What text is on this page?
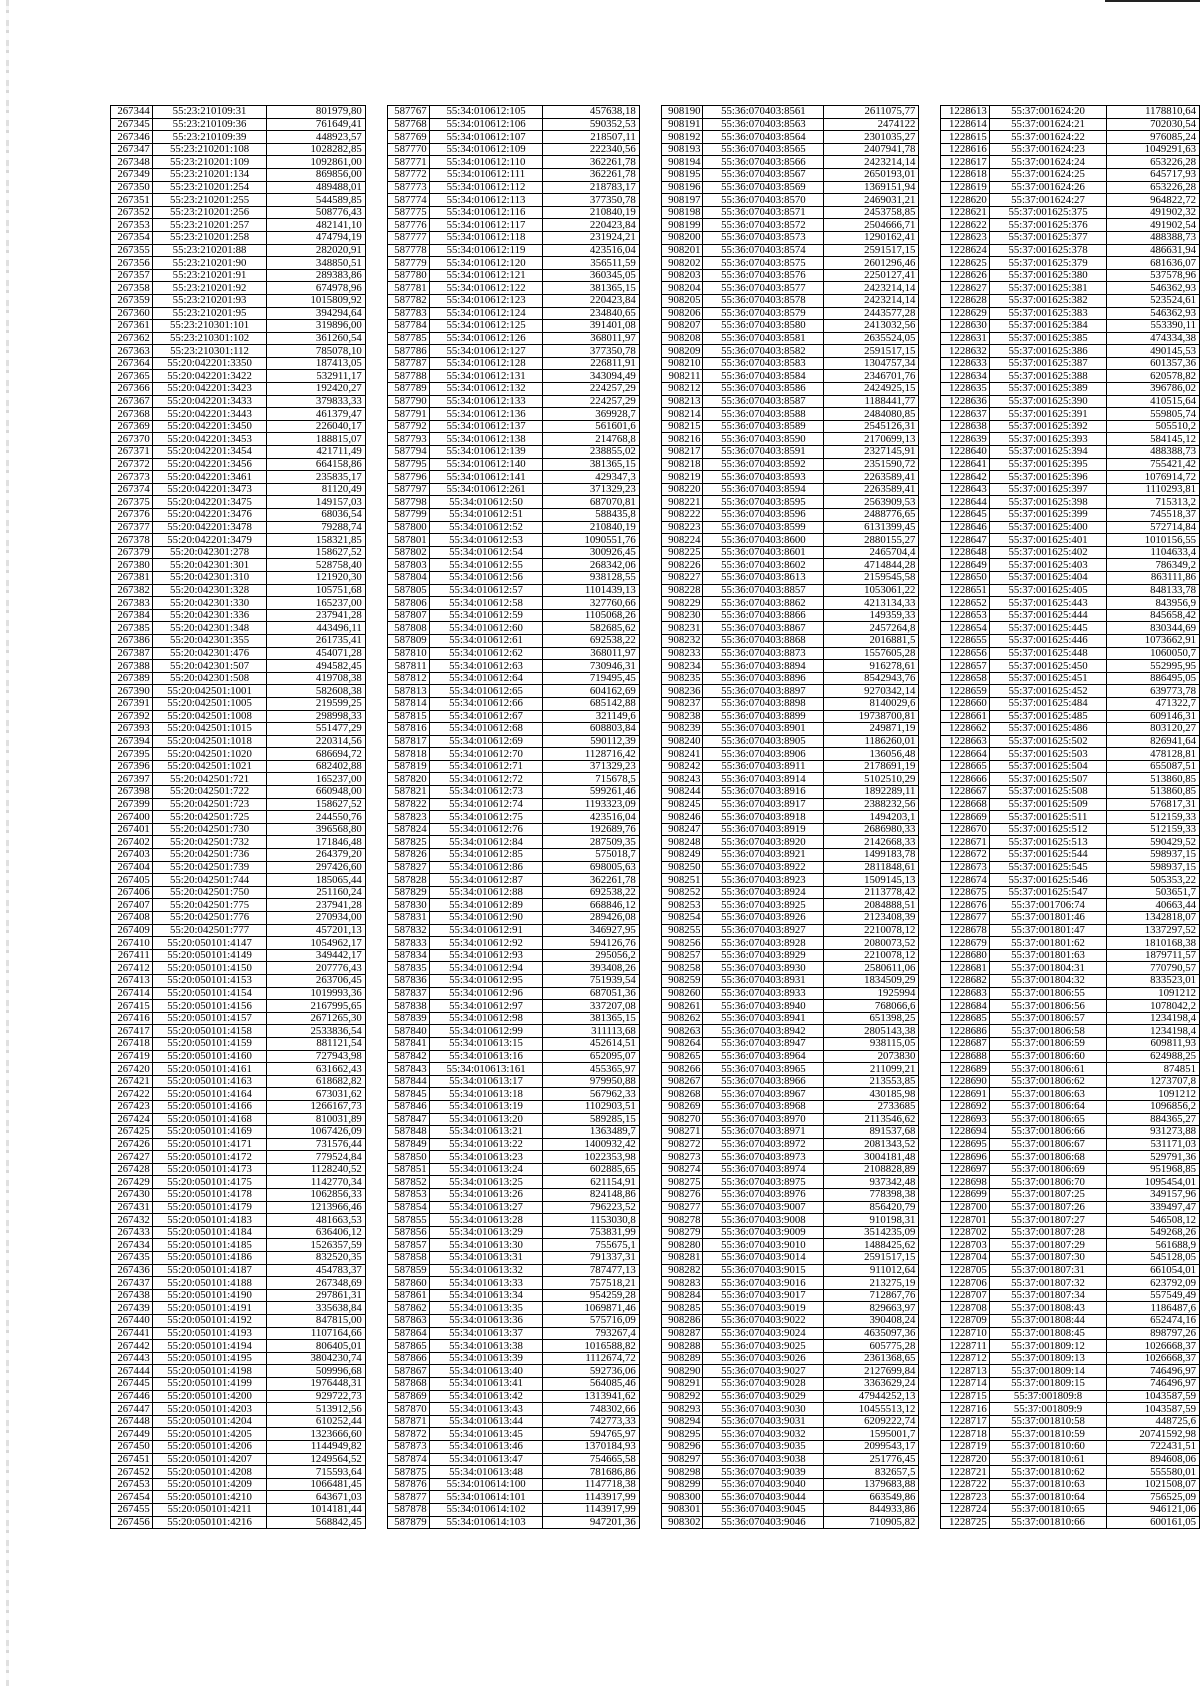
267344	55:23:210109:31	801979,80
267345	55:23:210109:36	761649,41
267346	55:23:210109:39	448923,57
267347	55:23:210201:108	1028282,85
267348	55:23:210201:109	1092861,00
267349	55:23:210201:134	869856,00
267350	55:23:210201:254	489488,01
267351	55:23:210201:255	544589,85
267352	55:23:210201:256	508776,43
267353	55:23:210201:257	482141,10
267354	55:23:210201:258	474794,19
267355	55:23:210201:88	282020,91
267356	55:23:210201:90	348850,51
267357	55:23:210201:91	289383,86
267358	55:23:210201:92	674978,96
267359	55:23:210201:93	1015809,92
267360	55:23:210201:95	394294,64
267361	55:23:210301:101	319896,00
267362	55:23:210301:102	361260,54
267363	55:23:210301:112	785078,10
267364	55:20:042201:3350	187413,05
267365	55:20:042201:3422	532911,17
267366	55:20:042201:3423	192420,27
267367	55:20:042201:3433	379833,33
267368	55:20:042201:3443	461379,47
267369	55:20:042201:3450	226040,17
267370	55:20:042201:3453	188815,07
267371	55:20:042201:3454	421711,49
267372	55:20:042201:3456	664158,86
267373	55:20:042201:3461	235835,17
267374	55:20:042201:3473	81120,49
267375	55:20:042201:3475	149157,03
267376	55:20:042201:3476	68036,54
267377	55:20:042201:3478	79288,74
267378	55:20:042201:3479	158321,85
267379	55:20:042301:278	158627,52
267380	55:20:042301:301	528758,40
267381	55:20:042301:310	121920,30
267382	55:20:042301:328	105751,68
267383	55:20:042301:330	165237,00
267384	55:20:042301:336	237941,28
267385	55:20:042301:348	443496,11
267386	55:20:042301:355	261735,41
267387	55:20:042301:476	454071,28
267388	55:20:042301:507	494582,45
267389	55:20:042301:508	419708,38
267390	55:20:042501:1001	582608,38
267391	55:20:042501:1005	219599,25
267392	55:20:042501:1008	298998,33
267393	55:20:042501:1015	551477,29
267394	55:20:042501:1018	220314,56
267395	55:20:042501:1020	686694,72
267396	55:20:042501:1021	682402,88
267397	55:20:042501:721	165237,00
267398	55:20:042501:722	660948,00
267399	55:20:042501:723	158627,52
267400	55:20:042501:725	244550,76
267401	55:20:042501:730	396568,80
267402	55:20:042501:732	171846,48
267403	55:20:042501:736	264379,20
267404	55:20:042501:739	297426,60
267405	55:20:042501:744	185065,44
267406	55:20:042501:750	251160,24
267407	55:20:042501:775	237941,28
267408	55:20:042501:776	270934,00
267409	55:20:042501:777	457201,13
267410	55:20:050101:4147	1054962,17
267411	55:20:050101:4149	349442,17
267412	55:20:050101:4150	207776,43
267413	55:20:050101:4153	263706,45
267414	55:20:050101:4154	1019993,36
267415	55:20:050101:4156	2167995,65
267416	55:20:050101:4157	2671265,30
267417	55:20:050101:4158	2533836,54
267418	55:20:050101:4159	881121,54
267419	55:20:050101:4160	727943,98
267420	55:20:050101:4161	631662,43
267421	55:20:050101:4163	618682,82
267422	55:20:050101:4164	673031,62
267423	55:20:050101:4166	1266167,73
267424	55:20:050101:4168	810031,89
267425	55:20:050101:4169	1067426,09
267426	55:20:050101:4171	731576,44
267427	55:20:050101:4172	779524,84
267428	55:20:050101:4173	1128240,52
267429	55:20:050101:4175	1142770,34
267430	55:20:050101:4178	1062856,33
267431	55:20:050101:4179	1213966,46
267432	55:20:050101:4183	481663,53
267433	55:20:050101:4184	636406,12
267434	55:20:050101:4185	1526357,59
267435	55:20:050101:4186	832520,35
267436	55:20:050101:4187	454783,37
267437	55:20:050101:4188	267348,69
267438	55:20:050101:4190	297861,31
267439	55:20:050101:4191	335638,84
267440	55:20:050101:4192	847815,00
267441	55:20:050101:4193	1107164,66
267442	55:20:050101:4194	806405,01
267443	55:20:050101:4195	3804230,74
267444	55:20:050101:4198	509996,68
267445	55:20:050101:4199	1976448,31
267446	55:20:050101:4200	929722,73
267447	55:20:050101:4203	513912,56
267448	55:20:050101:4204	610252,44
267449	55:20:050101:4205	1323666,60
267450	55:20:050101:4206	1144949,82
267451	55:20:050101:4207	1249564,52
267452	55:20:050101:4208	715593,64
267453	55:20:050101:4209	1066481,45
267454	55:20:050101:4210	643671,03
267455	55:20:050101:4211	1014181,44
267456	55:20:050101:4216	568842,45
587767	55:34:010612:105	457638,18
587768	55:34:010612:106	590352,53
587769	55:34:010612:107	218507,11
587770	55:34:010612:109	222340,56
587771	55:34:010612:110	362261,78
587772	55:34:010612:111	362261,78
587773	55:34:010612:112	218783,17
587774	55:34:010612:113	377350,78
587775	55:34:010612:116	210840,19
587776	55:34:010612:117	220423,84
587777	55:34:010612:118	231924,21
587778	55:34:010612:119	423516,04
587779	55:34:010612:120	356511,59
587780	55:34:010612:121	360345,05
587781	55:34:010612:122	381365,15
587782	55:34:010612:123	220423,84
587783	55:34:010612:124	234840,65
587784	55:34:010612:125	391401,08
587785	55:34:010612:126	368011,97
587786	55:34:010612:127	377350,78
587787	55:34:010612:128	226811,91
587788	55:34:010612:131	343094,49
587789	55:34:010612:132	224257,29
587790	55:34:010612:133	224257,29
587791	55:34:010612:136	369928,7
587792	55:34:010612:137	561601,6
587793	55:34:010612:138	214768,8
587794	55:34:010612:139	238855,02
587795	55:34:010612:140	381365,15
587796	55:34:010612:141	429347,3
587797	55:34:010612:261	371329,23
587798	55:34:010612:50	687070,81
587799	55:34:010612:51	588435,8
587800	55:34:010612:52	210840,19
587801	55:34:010612:53	1090551,76
587802	55:34:010612:54	300926,45
587803	55:34:010612:55	268342,06
587804	55:34:010612:56	938128,55
587805	55:34:010612:57	1101439,13
587806	55:34:010612:58	327760,66
587807	55:34:010612:59	1105068,26
587808	55:34:010612:60	582685,62
587809	55:34:010612:61	692538,22
587810	55:34:010612:62	368011,97
587811	55:34:010612:63	730946,31
587812	55:34:010612:64	719495,45
587813	55:34:010612:65	604162,69
587814	55:34:010612:66	685142,88
587815	55:34:010612:67	321149,6
587816	55:34:010612:68	608803,84
587817	55:34:010612:69	590112,39
587818	55:34:010612:70	1128716,42
587819	55:34:010612:71	371329,23
587820	55:34:010612:72	715678,5
587821	55:34:010612:73	599261,46
587822	55:34:010612:74	1193323,09
587823	55:34:010612:75	423516,04
587824	55:34:010612:76	192689,76
587825	55:34:010612:84	287509,35
587826	55:34:010612:85	575018,7
587827	55:34:010612:86	698005,63
587828	55:34:010612:87	362261,78
587829	55:34:010612:88	692538,22
587830	55:34:010612:89	668846,12
587831	55:34:010612:90	289426,08
587832	55:34:010612:91	346927,95
587833	55:34:010612:92	594126,76
587834	55:34:010612:93	295056,2
587835	55:34:010612:94	393408,26
587836	55:34:010612:95	751939,54
587837	55:34:010612:96	687051,36
587838	55:34:010612:97	337207,08
587839	55:34:010612:98	381365,15
587840	55:34:010612:99	311113,68
587841	55:34:010613:15	452614,51
587842	55:34:010613:16	652095,07
587843	55:34:010613:161	455365,97
587844	55:34:010613:17	979950,88
587845	55:34:010613:18	567962,33
587846	55:34:010613:19	1102903,51
587847	55:34:010613:20	589285,15
587848	55:34:010613:21	1363489,7
587849	55:34:010613:22	1400932,42
587850	55:34:010613:23	1022353,98
587851	55:34:010613:24	602885,65
587852	55:34:010613:25	621154,91
587853	55:34:010613:26	824148,86
587854	55:34:010613:27	796223,52
587855	55:34:010613:28	1153030,8
587856	55:34:010613:29	753831,99
587857	55:34:010613:30	755675,1
587858	55:34:010613:31	791337,31
587859	55:34:010613:32	787477,13
587860	55:34:010613:33	757518,21
587861	55:34:010613:34	954259,28
587862	55:34:010613:35	1069871,46
587863	55:34:010613:36	575716,09
587864	55:34:010613:37	793267,4
587865	55:34:010613:38	1016588,82
587866	55:34:010613:39	1112674,72
587867	55:34:010613:40	592736,06
587868	55:34:010613:41	564085,46
587869	55:34:010613:42	1313941,62
587870	55:34:010613:43	748302,66
587871	55:34:010613:44	742773,33
587872	55:34:010613:45	594765,97
587873	55:34:010613:46	1370184,93
587874	55:34:010613:47	754665,58
587875	55:34:010613:48	781686,86
587876	55:34:010614:100	1147718,38
587877	55:34:010614:101	1143917,99
587878	55:34:010614:102	1143917,99
587879	55:34:010614:103	947201,36
908190	55:36:070403:8561	2611075,77
908191	55:36:070403:8563	2474122
908192	55:36:070403:8564	2301035,27
908193	55:36:070403:8565	2407941,78
908194	55:36:070403:8566	2423214,14
908195	55:36:070403:8567	2650193,01
908196	55:36:070403:8569	1369151,94
908197	55:36:070403:8570	2469031,21
908198	55:36:070403:8571	2453758,85
908199	55:36:070403:8572	2504666,71
908200	55:36:070403:8573	1290162,41
908201	55:36:070403:8574	2591517,15
908202	55:36:070403:8575	2601296,46
908203	55:36:070403:8576	2250127,41
908204	55:36:070403:8577	2423214,14
908205	55:36:070403:8578	2423214,14
908206	55:36:070403:8579	2443577,28
908207	55:36:070403:8580	2413032,56
908208	55:36:070403:8581	2635524,05
908209	55:36:070403:8582	2591517,15
908210	55:36:070403:8583	1304757,34
908211	55:36:070403:8584	2346701,76
908212	55:36:070403:8586	2424925,15
908213	55:36:070403:8587	1188441,77
908214	55:36:070403:8588	2484080,85
908215	55:36:070403:8589	2545126,31
908216	55:36:070403:8590	2170699,13
908217	55:36:070403:8591	2327145,91
908218	55:36:070403:8592	2351590,72
908219	55:36:070403:8593	2263589,41
908220	55:36:070403:8594	2263589,41
908221	55:36:070403:8595	2563909,53
908222	55:36:070403:8596	2488776,65
908223	55:36:070403:8599	6131399,45
908224	55:36:070403:8600	2880155,27
908225	55:36:070403:8601	2465704,4
908226	55:36:070403:8602	4714844,28
908227	55:36:070403:8613	2159545,58
908228	55:36:070403:8857	1053061,22
908229	55:36:070403:8862	4213134,33
908230	55:36:070403:8866	149359,33
908231	55:36:070403:8867	2457264,8
908232	55:36:070403:8868	2016881,5
908233	55:36:070403:8873	1557605,28
908234	55:36:070403:8894	916278,61
908235	55:36:070403:8896	8542943,76
908236	55:36:070403:8897	9270342,14
908237	55:36:070403:8898	8140029,6
908238	55:36:070403:8899	19738700,81
908239	55:36:070403:8901	249871,19
908240	55:36:070403:8905	1186260,01
908241	55:36:070403:8906	136056,48
908242	55:36:070403:8911	2178691,19
908243	55:36:070403:8914	5102510,29
908244	55:36:070403:8916	1892289,11
908245	55:36:070403:8917	2388232,56
908246	55:36:070403:8918	1494203,1
908247	55:36:070403:8919	2686980,33
908248	55:36:070403:8920	2142668,33
908249	55:36:070403:8921	1499183,78
908250	55:36:070403:8922	2811848,61
908251	55:36:070403:8923	1509145,13
908252	55:36:070403:8924	2113778,42
908253	55:36:070403:8925	2084888,51
908254	55:36:070403:8926	2123408,39
908255	55:36:070403:8927	2210078,12
908256	55:36:070403:8928	2080073,52
908257	55:36:070403:8929	2210078,12
908258	55:36:070403:8930	2580611,06
908259	55:36:070403:8931	1834509,29
908260	55:36:070403:8933	1925994
908261	55:36:070403:8940	768066,6
908262	55:36:070403:8941	651398,25
908263	55:36:070403:8942	2805143,38
908264	55:36:070403:8947	938115,05
908265	55:36:070403:8964	2073830
908266	55:36:070403:8965	211099,21
908267	55:36:070403:8966	213553,85
908268	55:36:070403:8967	430185,98
908269	55:36:070403:8968	2733685
908270	55:36:070403:8970	2113546,62
908271	55:36:070403:8971	891537,68
908272	55:36:070403:8972	2081343,52
908273	55:36:070403:8973	3004181,48
908274	55:36:070403:8974	2108828,89
908275	55:36:070403:8975	937342,48
908276	55:36:070403:8976	778398,38
908277	55:36:070403:9007	856420,79
908278	55:36:070403:9008	910198,31
908279	55:36:070403:9009	3514235,09
908280	55:36:070403:9010	1488425,62
908281	55:36:070403:9014	2591517,15
908282	55:36:070403:9015	911012,64
908283	55:36:070403:9016	213275,19
908284	55:36:070403:9017	712867,76
908285	55:36:070403:9019	829663,97
908286	55:36:070403:9022	390408,24
908287	55:36:070403:9024	4635097,36
908288	55:36:070403:9025	605775,28
908289	55:36:070403:9026	2361368,65
908290	55:36:070403:9027	2127699,84
908291	55:36:070403:9028	3363629,24
908292	55:36:070403:9029	47944252,13
908293	55:36:070403:9030	10455513,12
908294	55:36:070403:9031	6209222,74
908295	55:36:070403:9032	1595001,7
908296	55:36:070403:9035	2099543,17
908297	55:36:070403:9038	251776,45
908298	55:36:070403:9039	832657,5
908299	55:36:070403:9040	1379683,88
908300	55:36:070403:9044	663549,86
908301	55:36:070403:9045	844933,86
908302	55:36:070403:9046	710905,82
1228613	55:37:001624:20	1178810,64
1228614	55:37:001624:21	702030,54
1228615	55:37:001624:22	976085,24
1228616	55:37:001624:23	1049291,63
1228617	55:37:001624:24	653226,28
1228618	55:37:001624:25	645717,93
1228619	55:37:001624:26	653226,28
1228620	55:37:001624:27	964822,72
1228621	55:37:001625:375	491902,32
1228622	55:37:001625:376	491902,54
1228623	55:37:001625:377	488388,73
1228624	55:37:001625:378	486631,94
1228625	55:37:001625:379	681636,07
1228626	55:37:001625:380	537578,96
1228627	55:37:001625:381	546362,93
1228628	55:37:001625:382	523524,61
1228629	55:37:001625:383	546362,93
1228630	55:37:001625:384	553390,11
1228631	55:37:001625:385	474334,38
1228632	55:37:001625:386	490145,53
1228633	55:37:001625:387	601357,36
1228634	55:37:001625:388	620578,82
1228635	55:37:001625:389	396786,02
1228636	55:37:001625:390	410515,64
1228637	55:37:001625:391	559805,74
1228638	55:37:001625:392	505510,2
1228639	55:37:001625:393	584145,12
1228640	55:37:001625:394	488388,73
1228641	55:37:001625:395	755421,42
1228642	55:37:001625:396	1076914,72
1228643	55:37:001625:397	1110293,81
1228644	55:37:001625:398	715313,2
1228645	55:37:001625:399	745518,37
1228646	55:37:001625:400	572714,84
1228647	55:37:001625:401	1010156,55
1228648	55:37:001625:402	1104633,4
1228649	55:37:001625:403	786349,2
1228650	55:37:001625:404	863111,86
1228651	55:37:001625:405	848133,78
1228652	55:37:001625:443	843956,9
1228653	55:37:001625:444	845658,42
1228654	55:37:001625:445	830344,69
1228655	55:37:001625:446	1073662,91
1228656	55:37:001625:448	1060050,7
1228657	55:37:001625:450	552995,95
1228658	55:37:001625:451	886495,05
1228659	55:37:001625:452	639773,78
1228660	55:37:001625:484	471322,7
1228661	55:37:001625:485	609146,31
1228662	55:37:001625:486	803120,27
1228663	55:37:001625:502	826941,64
1228664	55:37:001625:503	478128,81
1228665	55:37:001625:504	655087,51
1228666	55:37:001625:507	513860,85
1228667	55:37:001625:508	513860,85
1228668	55:37:001625:509	576817,31
1228669	55:37:001625:511	512159,33
1228670	55:37:001625:512	512159,33
1228671	55:37:001625:513	590429,52
1228672	55:37:001625:544	598937,15
1228673	55:37:001625:545	598937,15
1228674	55:37:001625:546	505353,22
1228675	55:37:001625:547	503651,7
1228676	55:37:001706:74	40663,44
1228677	55:37:001801:46	1342818,07
1228678	55:37:001801:47	1337297,52
1228679	55:37:001801:62	1810168,38
1228680	55:37:001801:63	1879711,57
1228681	55:37:001804:31	770790,57
1228682	55:37:001804:32	833523,01
1228683	55:37:001806:55	1091212
1228684	55:37:001806:56	1078042,2
1228685	55:37:001806:57	1234198,4
1228686	55:37:001806:58	1234198,4
1228687	55:37:001806:59	609811,93
1228688	55:37:001806:60	624988,25
1228689	55:37:001806:61	874851
1228690	55:37:001806:62	1273707,8
1228691	55:37:001806:63	1091212
1228692	55:37:001806:64	1096856,2
1228693	55:37:001806:65	884365,27
1228694	55:37:001806:66	931273,88
1228695	55:37:001806:67	531171,03
1228696	55:37:001806:68	529791,36
1228697	55:37:001806:69	951968,85
1228698	55:37:001806:70	1095454,01
1228699	55:37:001807:25	349157,96
1228700	55:37:001807:26	339497,47
1228701	55:37:001807:27	546508,12
1228702	55:37:001807:28	549268,26
1228703	55:37:001807:29	561688,9
1228704	55:37:001807:30	545128,05
1228705	55:37:001807:31	661054,01
1228706	55:37:001807:32	623792,09
1228707	55:37:001807:34	557549,49
1228708	55:37:001808:43	1186487,6
1228709	55:37:001808:44	652474,16
1228710	55:37:001808:45	898797,26
1228711	55:37:001809:12	1026668,37
1228712	55:37:001809:13	1026668,37
1228713	55:37:001809:14	746496,97
1228714	55:37:001809:15	746496,97
1228715	55:37:001809:8	1043587,59
1228716	55:37:001809:9	1043587,59
1228717	55:37:001810:58	448725,6
1228718	55:37:001810:59	20741592,98
1228719	55:37:001810:60	722431,51
1228720	55:37:001810:61	894608,06
1228721	55:37:001810:62	555580,01
1228722	55:37:001810:63	1021508,07
1228723	55:37:001810:64	756525,09
1228724	55:37:001810:65	946121,06
1228725	55:37:001810:66	600161,05
